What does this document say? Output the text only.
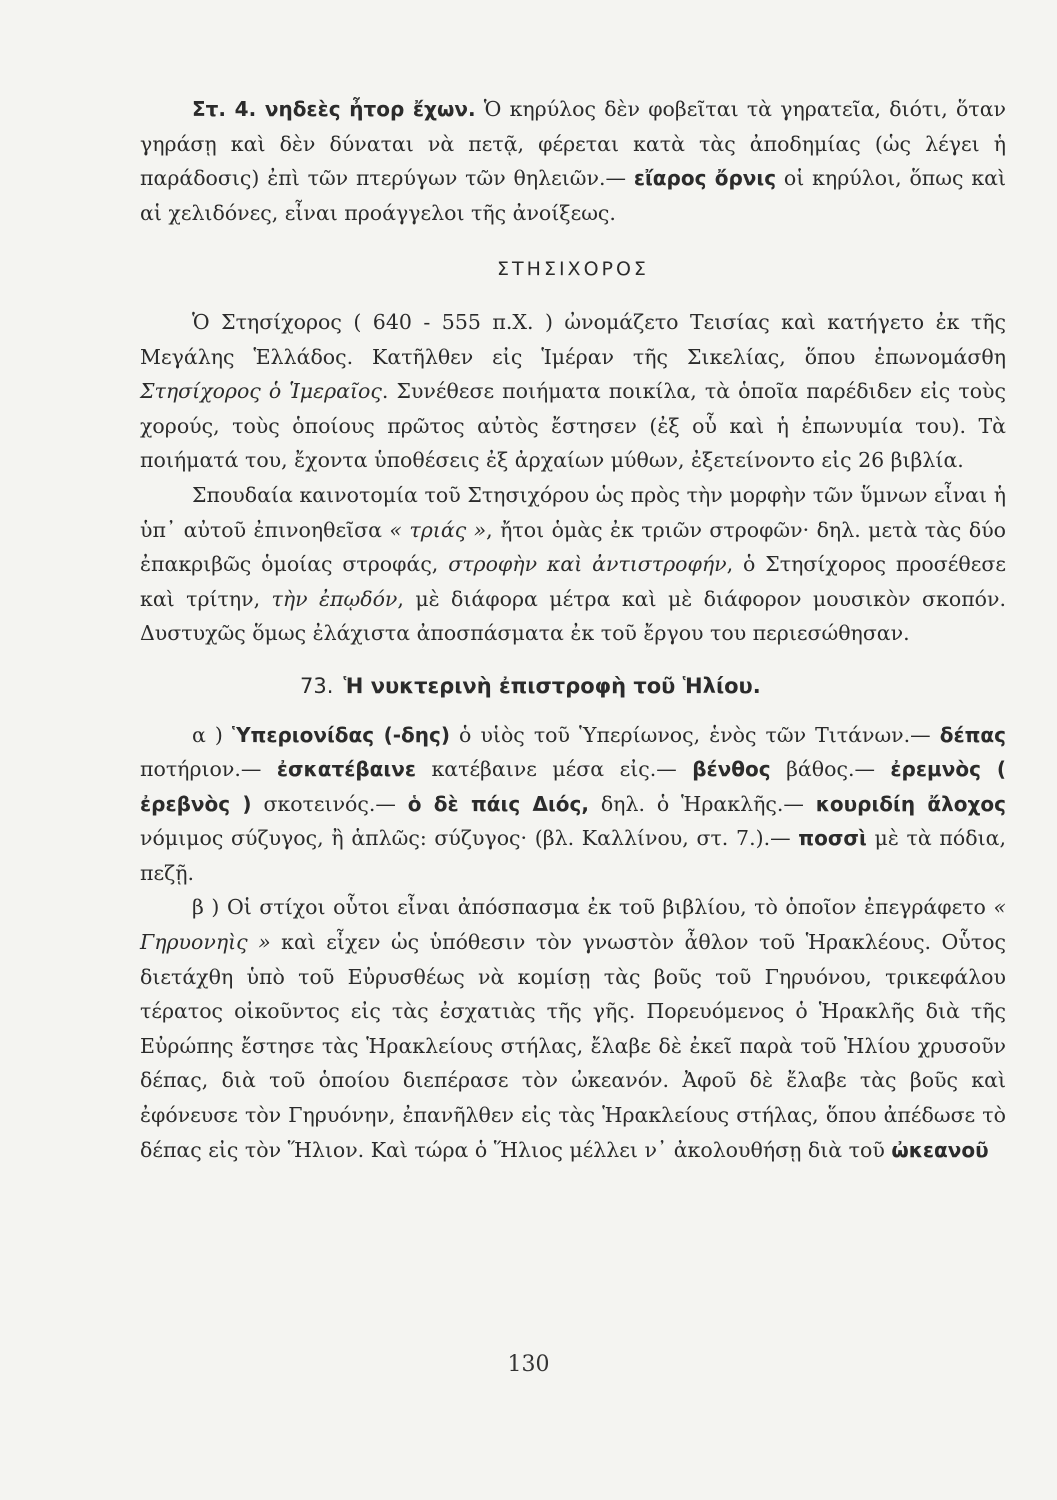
Στ. 4. νηδεὲς ἦτορ ἔχων. Ὁ κηρύλος δὲν φοβεῖται τὰ γηρατεῖα, διότι, ὅταν γηράσῃ καὶ δὲν δύναται νὰ πετᾷ, φέρεται κατὰ τὰς ἀποδημίας (ὡς λέγει ἡ παράδοσις) ἐπὶ τῶν πτερύγων τῶν θηλειῶν.— εἴαρος ὄρνις οἱ κηρύλοι, ὅπως καὶ αἱ χελιδόνες, εἶναι προάγγελοι τῆς ἀνοίξεως.

ΣΤΗΣΙΧΟΡΟΣ

Ὁ Στησίχορος ( 640 - 555 π.Χ. ) ὠνομάζετο Τεισίας καὶ κατήγετο ἐκ τῆς Μεγάλης Ἑλλάδος. Κατῆλθεν εἰς Ἱμέραν τῆς Σικελίας, ὅπου ἐπωνομάσθη Στησίχορος ὁ Ἱμεραῖος. Συνέθεσε ποιήματα ποικίλα, τὰ ὁποῖα παρέδιδεν εἰς τοὺς χορούς, τοὺς ὁποίους πρῶτος αὐτὸς ἔστησεν (ἐξ οὗ καὶ ἡ ἐπωνυμία του). Τὰ ποιήματά του, ἔχοντα ὑποθέσεις ἐξ ἀρχαίων μύθων, ἐξετείνοντο εἰς 26 βιβλία.

Σπουδαία καινοτομία τοῦ Στησιχόρου ὡς πρὸς τὴν μορφὴν τῶν ὕμνων εἶναι ἡ ὑπ᾽ αὐτοῦ ἐπινοηθεῖσα « τριάς », ἤτοι ὁμὰς ἐκ τριῶν στροφῶν· δηλ. μετὰ τὰς δύο ἐπακριβῶς ὁμοίας στροφάς, στροφὴν καὶ ἀντιστροφήν, ὁ Στησίχορος προσέθεσε καὶ τρίτην, τὴν ἐπῳδόν, μὲ διάφορα μέτρα καὶ μὲ διάφορον μουσικὸν σκοπόν. Δυστυχῶς ὅμως ἐλάχιστα ἀποσπάσματα ἐκ τοῦ ἔργου του περιεσώθησαν.

73. Ἡ νυκτερινὴ ἐπιστροφὴ τοῦ Ἡλίου.

α ) Ὑπεριονίδας (-δης) ὁ υἱὸς τοῦ Ὑπερίωνος, ἑνὸς τῶν Τιτάνων.— δέπας ποτήριον.— ἐσκατέβαινε κατέβαινε μέσα εἰς.— βένθος βάθος.— ἐρεμνὸς ( ἐρεβνὸς ) σκοτεινός.— ὁ δὲ πάις Διός, δηλ. ὁ Ἡρακλῆς.— κουριδίη ἄλοχος νόμιμος σύζυγος, ἢ ἁπλῶς: σύζυγος· (βλ. Καλλίνου, στ. 7.).— ποσσὶ μὲ τὰ πόδια, πεζῇ.

β ) Οἱ στίχοι οὗτοι εἶναι ἀπόσπασμα ἐκ τοῦ βιβλίου, τὸ ὁποῖον ἐπεγράφετο « Γηρυονηὶς » καὶ εἶχεν ὡς ὑπόθεσιν τὸν γνωστὸν ἆθλον τοῦ Ἡρακλέους. Οὗτος διετάχθη ὑπὸ τοῦ Εὐρυσθέως νὰ κομίσῃ τὰς βοῦς τοῦ Γηρυόνου, τρικεφάλου τέρατος οἰκοῦντος εἰς τὰς ἐσχατιὰς τῆς γῆς. Πορευόμενος ὁ Ἡρακλῆς διὰ τῆς Εὐρώπης ἔστησε τὰς Ἡρακλείους στήλας, ἔλαβε δὲ ἐκεῖ παρὰ τοῦ Ἡλίου χρυσοῦν δέπας, διὰ τοῦ ὁποίου διεπέρασε τὸν ὠκεανόν. Ἀφοῦ δὲ ἔλαβε τὰς βοῦς καὶ ἐφόνευσε τὸν Γηρυόνην, ἐπανῆλθεν εἰς τὰς Ἡρακλείους στήλας, ὅπου ἀπέδωσε τὸ δέπας εἰς τὸν Ἥλιον. Καὶ τώρα ὁ Ἥλιος μέλλει ν᾽ ἀκολουθήσῃ διὰ τοῦ ὠκεανοῦ

130
